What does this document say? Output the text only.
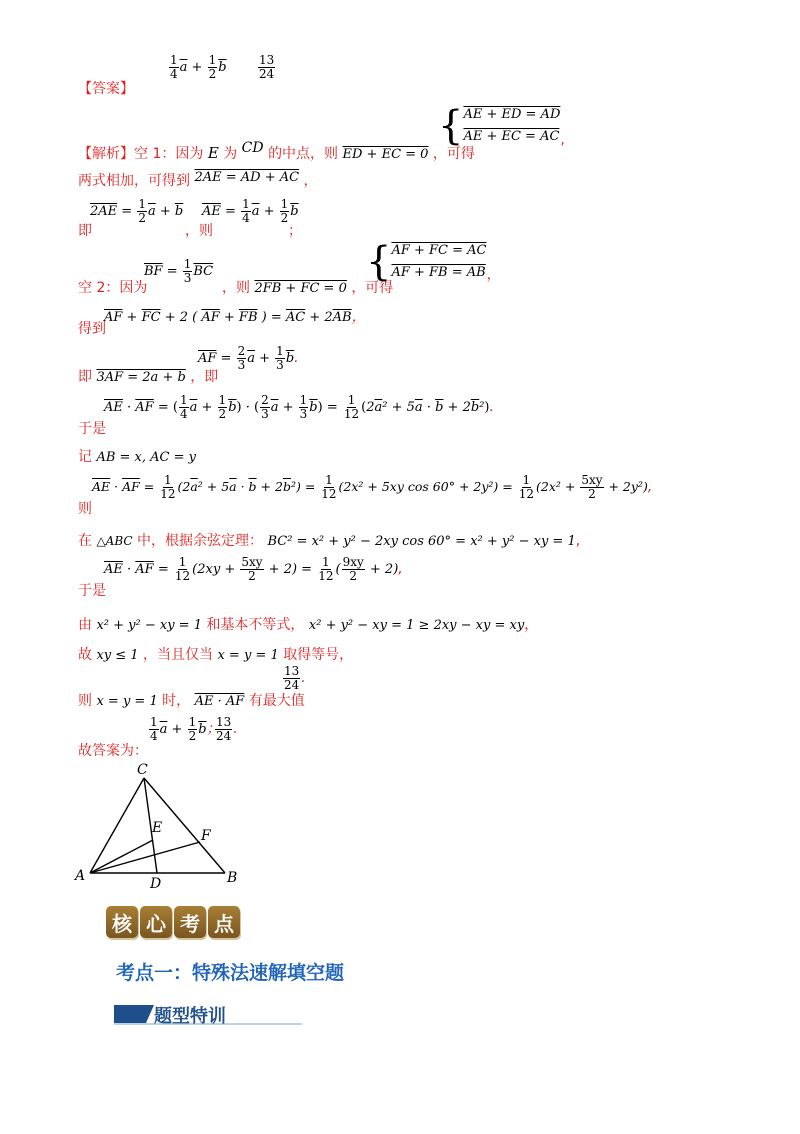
【答案】
$\frac{1}{4} \overline{a} + \frac{1}{2} \overline{b}$	$\frac{13}{24}$
【解析】空 1：因为 E 为 CD 的中点，则 ED + EC = 0 ，可得
{ AE + ED = AD
AE + EC = AC ,
两式相加，可得到 2AE = AD + AC ，
即
$2AE = \frac{1}{2} \overline{a} + \overline{b}$
，则
$\overline{AE} = \frac{1}{4} \overline{a} + \frac{1}{2} \overline{b}$
；
空 2：因为
$\overline{BF} = \frac{1}{3} \overline{BC}$
，则 2FB + FC = 0 ，可得
{ AF + FC = AC
AF + FB = AB ，
得到
$\overline{AF} + \overline{FC} + 2$ ( $\overline{AF} + \overline{FB}$ ) = $\overline{AC} + 2\overline{AB}$，
即 3AF = 2a + b ，即
$\overline{AF} = \frac{2}{3} \overline{a} + \frac{1}{3} \overline{b}$.
于是
$\overline{AE} \cdot \overline{AF}$ = ( $\frac{1}{4} \overline{a} + \frac{1}{2} \overline{b}$) · ( $\frac{2}{3} \overline{a} + \frac{1}{3} \overline{b}) = \frac{1}{12} (2\overline{a}^2 + 5\overline{a} \cdot \overline{b} + 2\overline{b}^2)$.
记 AB = x, AC = y
则
$\overline{AE} \cdot \overline{AF} = \frac{1}{12} (2\overline{a}^2 + 5\overline{a} \cdot \overline{b} + 2\overline{b}^2) = \frac{1}{12} (2x^2 + 5xy$ $\cos 60^\circ + 2y^2) = \frac{1}{12} (2x^2 + \frac{5xy}{2} + 2y^2)$,
在 △ABC 中，根据余弦定理： BC² = x² + y² − 2xy cos 60° = x² + y² − xy = 1,
于是
$\overline{AE} \cdot \overline{AF} = \frac{1}{12} (2xy + \frac{5xy}{2} + 2) = \frac{1}{12}$ ( $\frac{9xy}{2} + 2$),
由 x² + y² − xy = 1 和基本不等式， x² + y² − xy = 1 ≥ 2xy − xy = xy，
故 xy ≤ 1 ，当且仅当 x = y = 1 取得等号，
则 x = y = 1 时， AE · AF 有最大值
$\frac{13}{24}$ .
故答案为：
$\frac{1}{4} \overline{a} + \frac{1}{2} \overline{b}$；
$\frac{13}{24}$ .
C
E	F
A	D	B
核 心 考 点
考点一：特殊法速解填空题
题型特训
